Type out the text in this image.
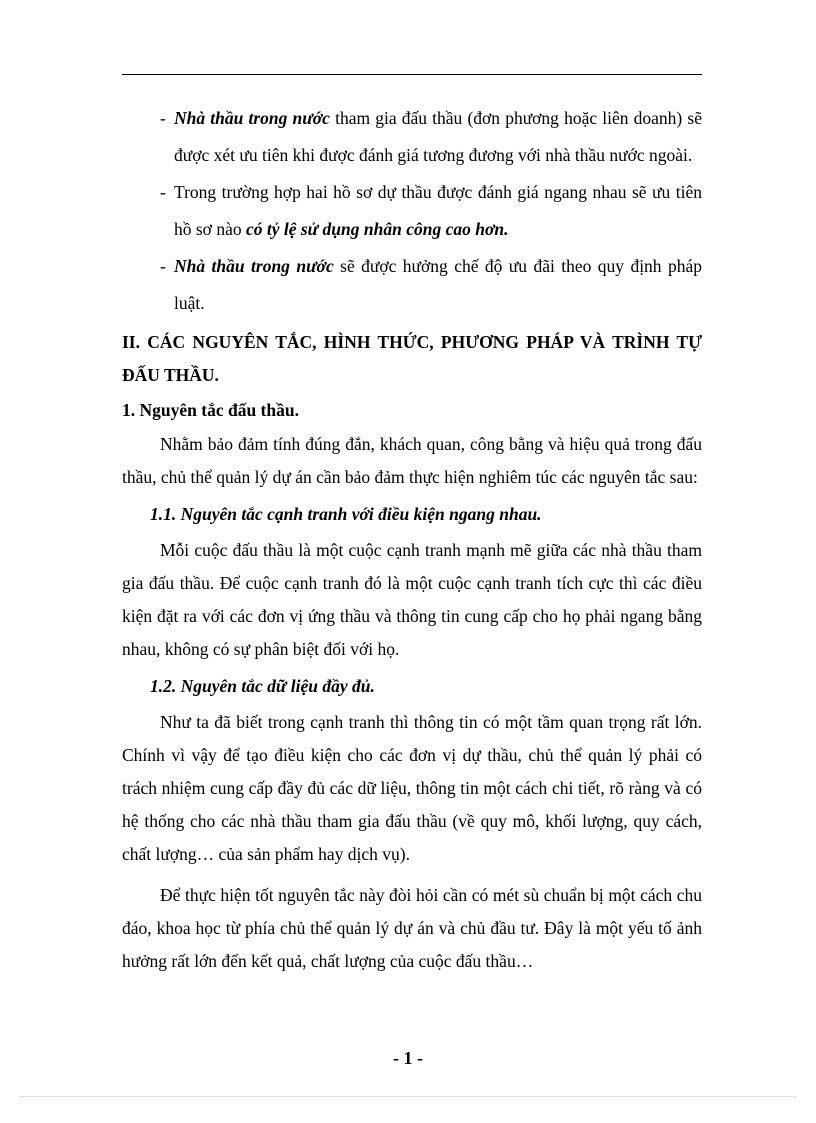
- Nhà thầu trong nước tham gia đấu thầu (đơn phương hoặc liên doanh) sẽ được xét ưu tiên khi được đánh giá tương đương với nhà thầu nước ngoài.
- Trong trường hợp hai hồ sơ dự thầu được đánh giá ngang nhau sẽ ưu tiên hồ sơ nào có tỷ lệ sử dụng nhân công cao hơn.
- Nhà thầu trong nước sẽ được hưởng chế độ ưu đãi theo quy định pháp luật.
II. CÁC NGUYÊN TẮC, HÌNH THỨC, PHƯƠNG PHÁP VÀ TRÌNH TỰ ĐẤU THẦU.
1. Nguyên tắc đấu thầu.
Nhằm bảo đảm tính đúng đắn, khách quan, công bằng và hiệu quả trong đấu thầu, chủ thể quản lý dự án cần bảo đảm thực hiện nghiêm túc các nguyên tắc sau:
1.1. Nguyên tắc cạnh tranh với điều kiện ngang nhau.
Mỗi cuộc đấu thầu là một cuộc cạnh tranh mạnh mẽ giữa các nhà thầu tham gia đấu thầu. Để cuộc cạnh tranh đó là một cuộc cạnh tranh tích cực thì các điều kiện đặt ra với các đơn vị ứng thầu và thông tin cung cấp cho họ phải ngang bằng nhau, không có sự phân biệt đối với họ.
1.2. Nguyên tắc dữ liệu đầy đủ.
Như ta đã biết trong cạnh tranh thì thông tin có một tầm quan trọng rất lớn. Chính vì vậy để tạo điều kiện cho các đơn vị dự thầu, chủ thể quản lý phải có trách nhiệm cung cấp đầy đủ các dữ liệu, thông tin một cách chi tiết, rõ ràng và có hệ thống cho các nhà thầu tham gia đấu thầu (về quy mô, khối lượng, quy cách, chất lượng… của sản phẩm hay dịch vụ).
Để thực hiện tốt nguyên tắc này đòi hỏi cần có mét sù chuẩn bị một cách chu đáo, khoa học từ phía chủ thể quản lý dự án và chủ đầu tư. Đây là một yếu tố ảnh hưởng rất lớn đến kết quả, chất lượng của cuộc đấu thầu…
- 1 -
